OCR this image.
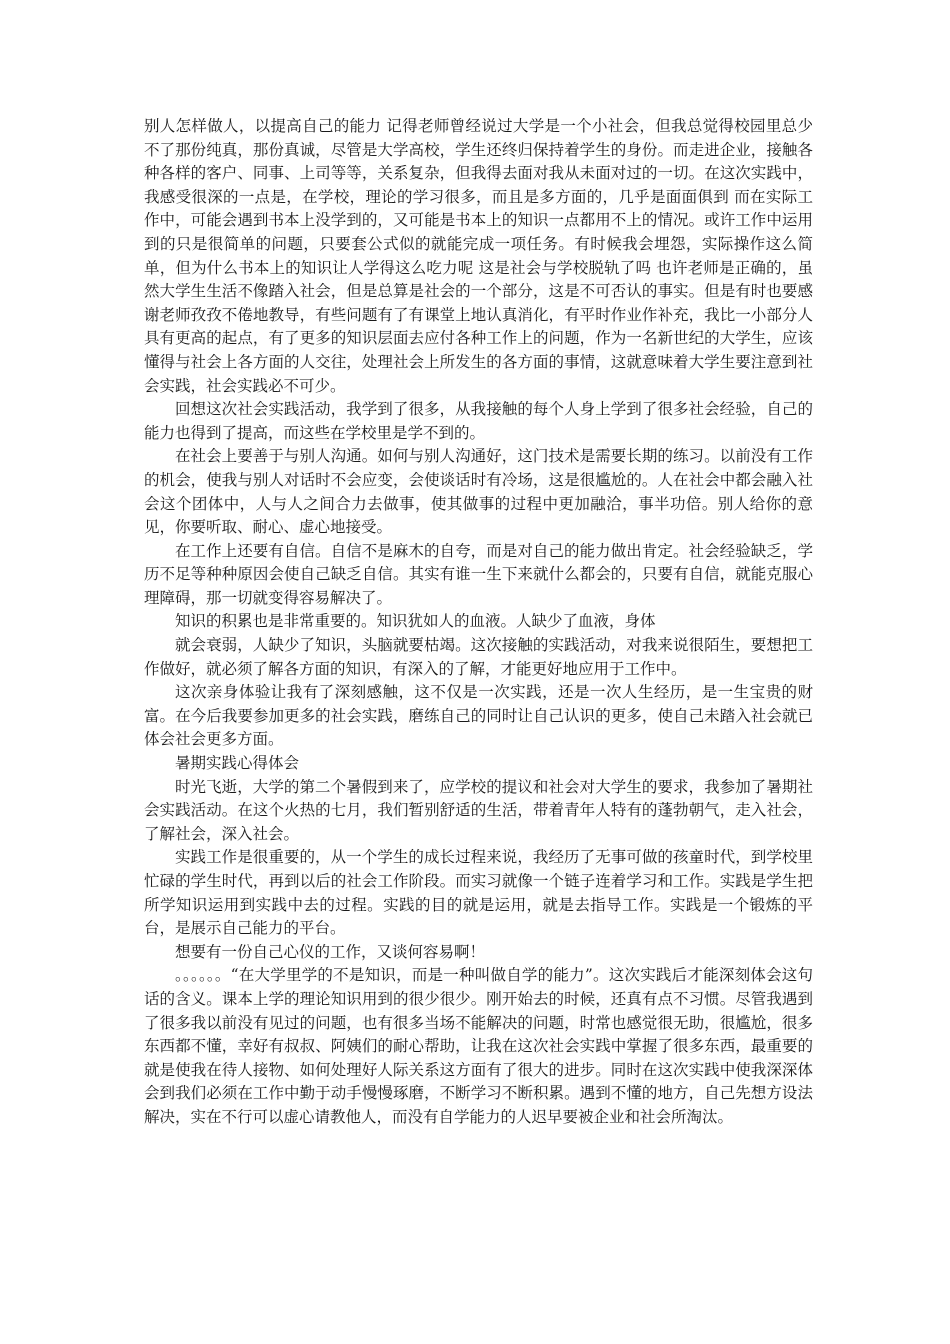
别人怎样做人，以提高自己的能力 记得老师曾经说过大学是一个小社会，但我总觉得校园里总少不了那份纯真，那份真诚，尽管是大学高校，学生还终归保持着学生的身份。而走进企业，接触各种各样的客户、同事、上司等等，关系复杂，但我得去面对我从未面对过的一切。在这次实践中，我感受很深的一点是，在学校，理论的学习很多，而且是多方面的，几乎是面面俱到 而在实际工作中，可能会遇到书本上没学到的，又可能是书本上的知识一点都用不上的情况。或许工作中运用到的只是很简单的问题，只要套公式似的就能完成一项任务。有时候我会埋怨，实际操作这么简单，但为什么书本上的知识让人学得这么吃力呢 这是社会与学校脱轨了吗 也许老师是正确的，虽然大学生生活不像踏入社会，但是总算是社会的一个部分，这是不可否认的事实。但是有时也要感谢老师孜孜不倦地教导，有些问题有了有课堂上地认真消化，有平时作业作补充，我比一小部分人具有更高的起点，有了更多的知识层面去应付各种工作上的问题，作为一名新世纪的大学生，应该懂得与社会上各方面的人交往，处理社会上所发生的各方面的事情，这就意味着大学生要注意到社会实践，社会实践必不可少。

回想这次社会实践活动，我学到了很多，从我接触的每个人身上学到了很多社会经验，自己的能力也得到了提高，而这些在学校里是学不到的。

在社会上要善于与别人沟通。如何与别人沟通好，这门技术是需要长期的练习。以前没有工作的机会，使我与别人对话时不会应变，会使谈话时有冷场，这是很尴尬的。人在社会中都会融入社会这个团体中，人与人之间合力去做事，使其做事的过程中更加融洽，事半功倍。别人给你的意见，你要听取、耐心、虚心地接受。

在工作上还要有自信。自信不是麻木的自夸，而是对自己的能力做出肯定。社会经验缺乏，学历不足等种种原因会使自己缺乏自信。其实有谁一生下来就什么都会的，只要有自信，就能克服心理障碍，那一切就变得容易解决了。

知识的积累也是非常重要的。知识犹如人的血液。人缺少了血液，身体

就会衰弱，人缺少了知识，头脑就要枯竭。这次接触的实践活动，对我来说很陌生，要想把工作做好，就必须了解各方面的知识，有深入的了解，才能更好地应用于工作中。

这次亲身体验让我有了深刻感触，这不仅是一次实践，还是一次人生经历，是一生宝贵的财富。在今后我要参加更多的社会实践，磨练自己的同时让自己认识的更多，使自己未踏入社会就已体会社会更多方面。

暑期实践心得体会

时光飞逝，大学的第二个暑假到来了，应学校的提议和社会对大学生的要求，我参加了暑期社会实践活动。在这个火热的七月，我们暂别舒适的生活，带着青年人特有的蓬勃朝气，走入社会，了解社会，深入社会。

实践工作是很重要的，从一个学生的成长过程来说，我经历了无事可做的孩童时代，到学校里忙碌的学生时代，再到以后的社会工作阶段。而实习就像一个链子连着学习和工作。实践是学生把所学知识运用到实践中去的过程。实践的目的就是运用，就是去指导工作。实践是一个锻炼的平台，是展示自己能力的平台。

想要有一份自己心仪的工作，又谈何容易啊！

。。。。。。“在大学里学的不是知识，而是一种叫做自学的能力”。这次实践后才能深刻体会这句话的含义。课本上学的理论知识用到的很少很少。刚开始去的时候，还真有点不习惯。尽管我遇到了很多我以前没有见过的问题，也有很多当场不能解决的问题，时常也感觉很无助，很尴尬，很多东西都不懂，幸好有叔叔、阿姨们的耐心帮助，让我在这次社会实践中掌握了很多东西，最重要的就是使我在待人接物、如何处理好人际关系这方面有了很大的进步。同时在这次实践中使我深深体会到我们必须在工作中勤于动手慢慢琢磨，不断学习不断积累。遇到不懂的地方，自己先想方设法解决，实在不行可以虚心请教他人，而没有自学能力的人迟早要被企业和社会所淘汰。
